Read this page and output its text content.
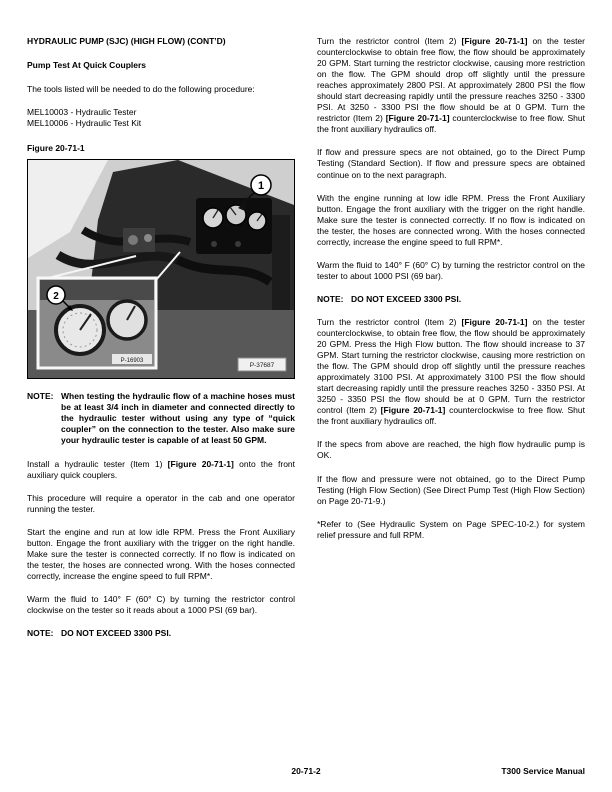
HYDRAULIC PUMP (SJC) (HIGH FLOW) (CONT’D)
Pump Test At Quick Couplers

The tools listed will be needed to do the following procedure:

MEL10003 - Hydraulic Tester

MEL10006 - Hydraulic Test Kit

Figure 20-71-1
1
P-16903
2
P-37687
NOTE: When testing the hydraulic flow of a machine hoses must be at least 3/4 inch in diameter and connected directly to the hydraulic tester without using any type of “quick coupler” on the connection to the tester. Also make sure your hydraulic tester is capable of at least 50 GPM.

Install a hydraulic tester (Item 1) [Figure 20-71-1] onto the front auxiliary quick couplers.

This procedure will require a operator in the cab and one operator running the tester.

Start the engine and run at low idle RPM. Press the Front Auxiliary button. Engage the front auxiliary with the trigger on the right handle. Make sure the tester is connected correctly. If no flow is indicated on the tester, the hoses are connected wrong. With the hoses connected correctly, increase the engine speed to full RPM*.

Warm the fluid to 140° F (60° C) by turning the restrictor control clockwise on the tester so it reads about a 1000 PSI (69 bar).

NOTE: DO NOT EXCEED 3300 PSI.

Turn the restrictor control (Item 2) [Figure 20-71-1] on the tester counterclockwise to obtain free flow, the flow should be approximately 20 GPM. Start turning the restrictor clockwise, causing more restriction on the flow. The GPM should drop off slightly until the pressure reaches approximately 2800 PSI. At approximately 2800 PSI the flow should start decreasing rapidly until the pressure reaches 3250 - 3300 PSI. At 3250 - 3300 PSI the flow should be at 0 GPM. Turn the restrictor (Item 2) [Figure 20-71-1] counterclockwise to free flow. Shut the front auxiliary hydraulics off.

If flow and pressure specs are not obtained, go to the Direct Pump Testing (Standard Section). If flow and pressure specs are obtained continue on to the next paragraph.

With the engine running at low idle RPM. Press the Front Auxiliary button. Engage the front auxiliary with the trigger on the right handle. Make sure the tester is connected correctly. If no flow is indicated on the tester, the hoses are connected wrong. With the hoses connected correctly, increase the engine speed to full RPM*.

Warm the fluid to 140° F (60° C) by turning the restrictor control on the tester to about 1000 PSI (69 bar).

NOTE: DO NOT EXCEED 3300 PSI.

Turn the restrictor control (Item 2) [Figure 20-71-1] on the tester counterclockwise, to obtain free flow, the flow should be approximately 20 GPM. Press the High Flow button. The flow should increase to 37 GPM. Start turning the restrictor clockwise, causing more restriction on the flow. The GPM should drop off slightly until the pressure reaches approximately 3100 PSI. At approximately 3100 PSI the flow should start decreasing rapidly until the pressure reaches 3250 - 3350 PSI. At 3250 - 3350 PSI the flow should be at 0 GPM. Turn the restrictor control (Item 2) [Figure 20-71-1] counterclockwise to free flow. Shut the front auxiliary hydraulics off.

If the specs from above are reached, the high flow hydraulic pump is OK.

If the flow and pressure were not obtained, go to the Direct Pump Testing (High Flow Section) (See Direct Pump Test (High Flow Section) on Page 20-71-9.)

*Refer to (See Hydraulic System on Page SPEC-10-2.) for system relief pressure and full RPM.

20-71-2	T300 Service Manual
